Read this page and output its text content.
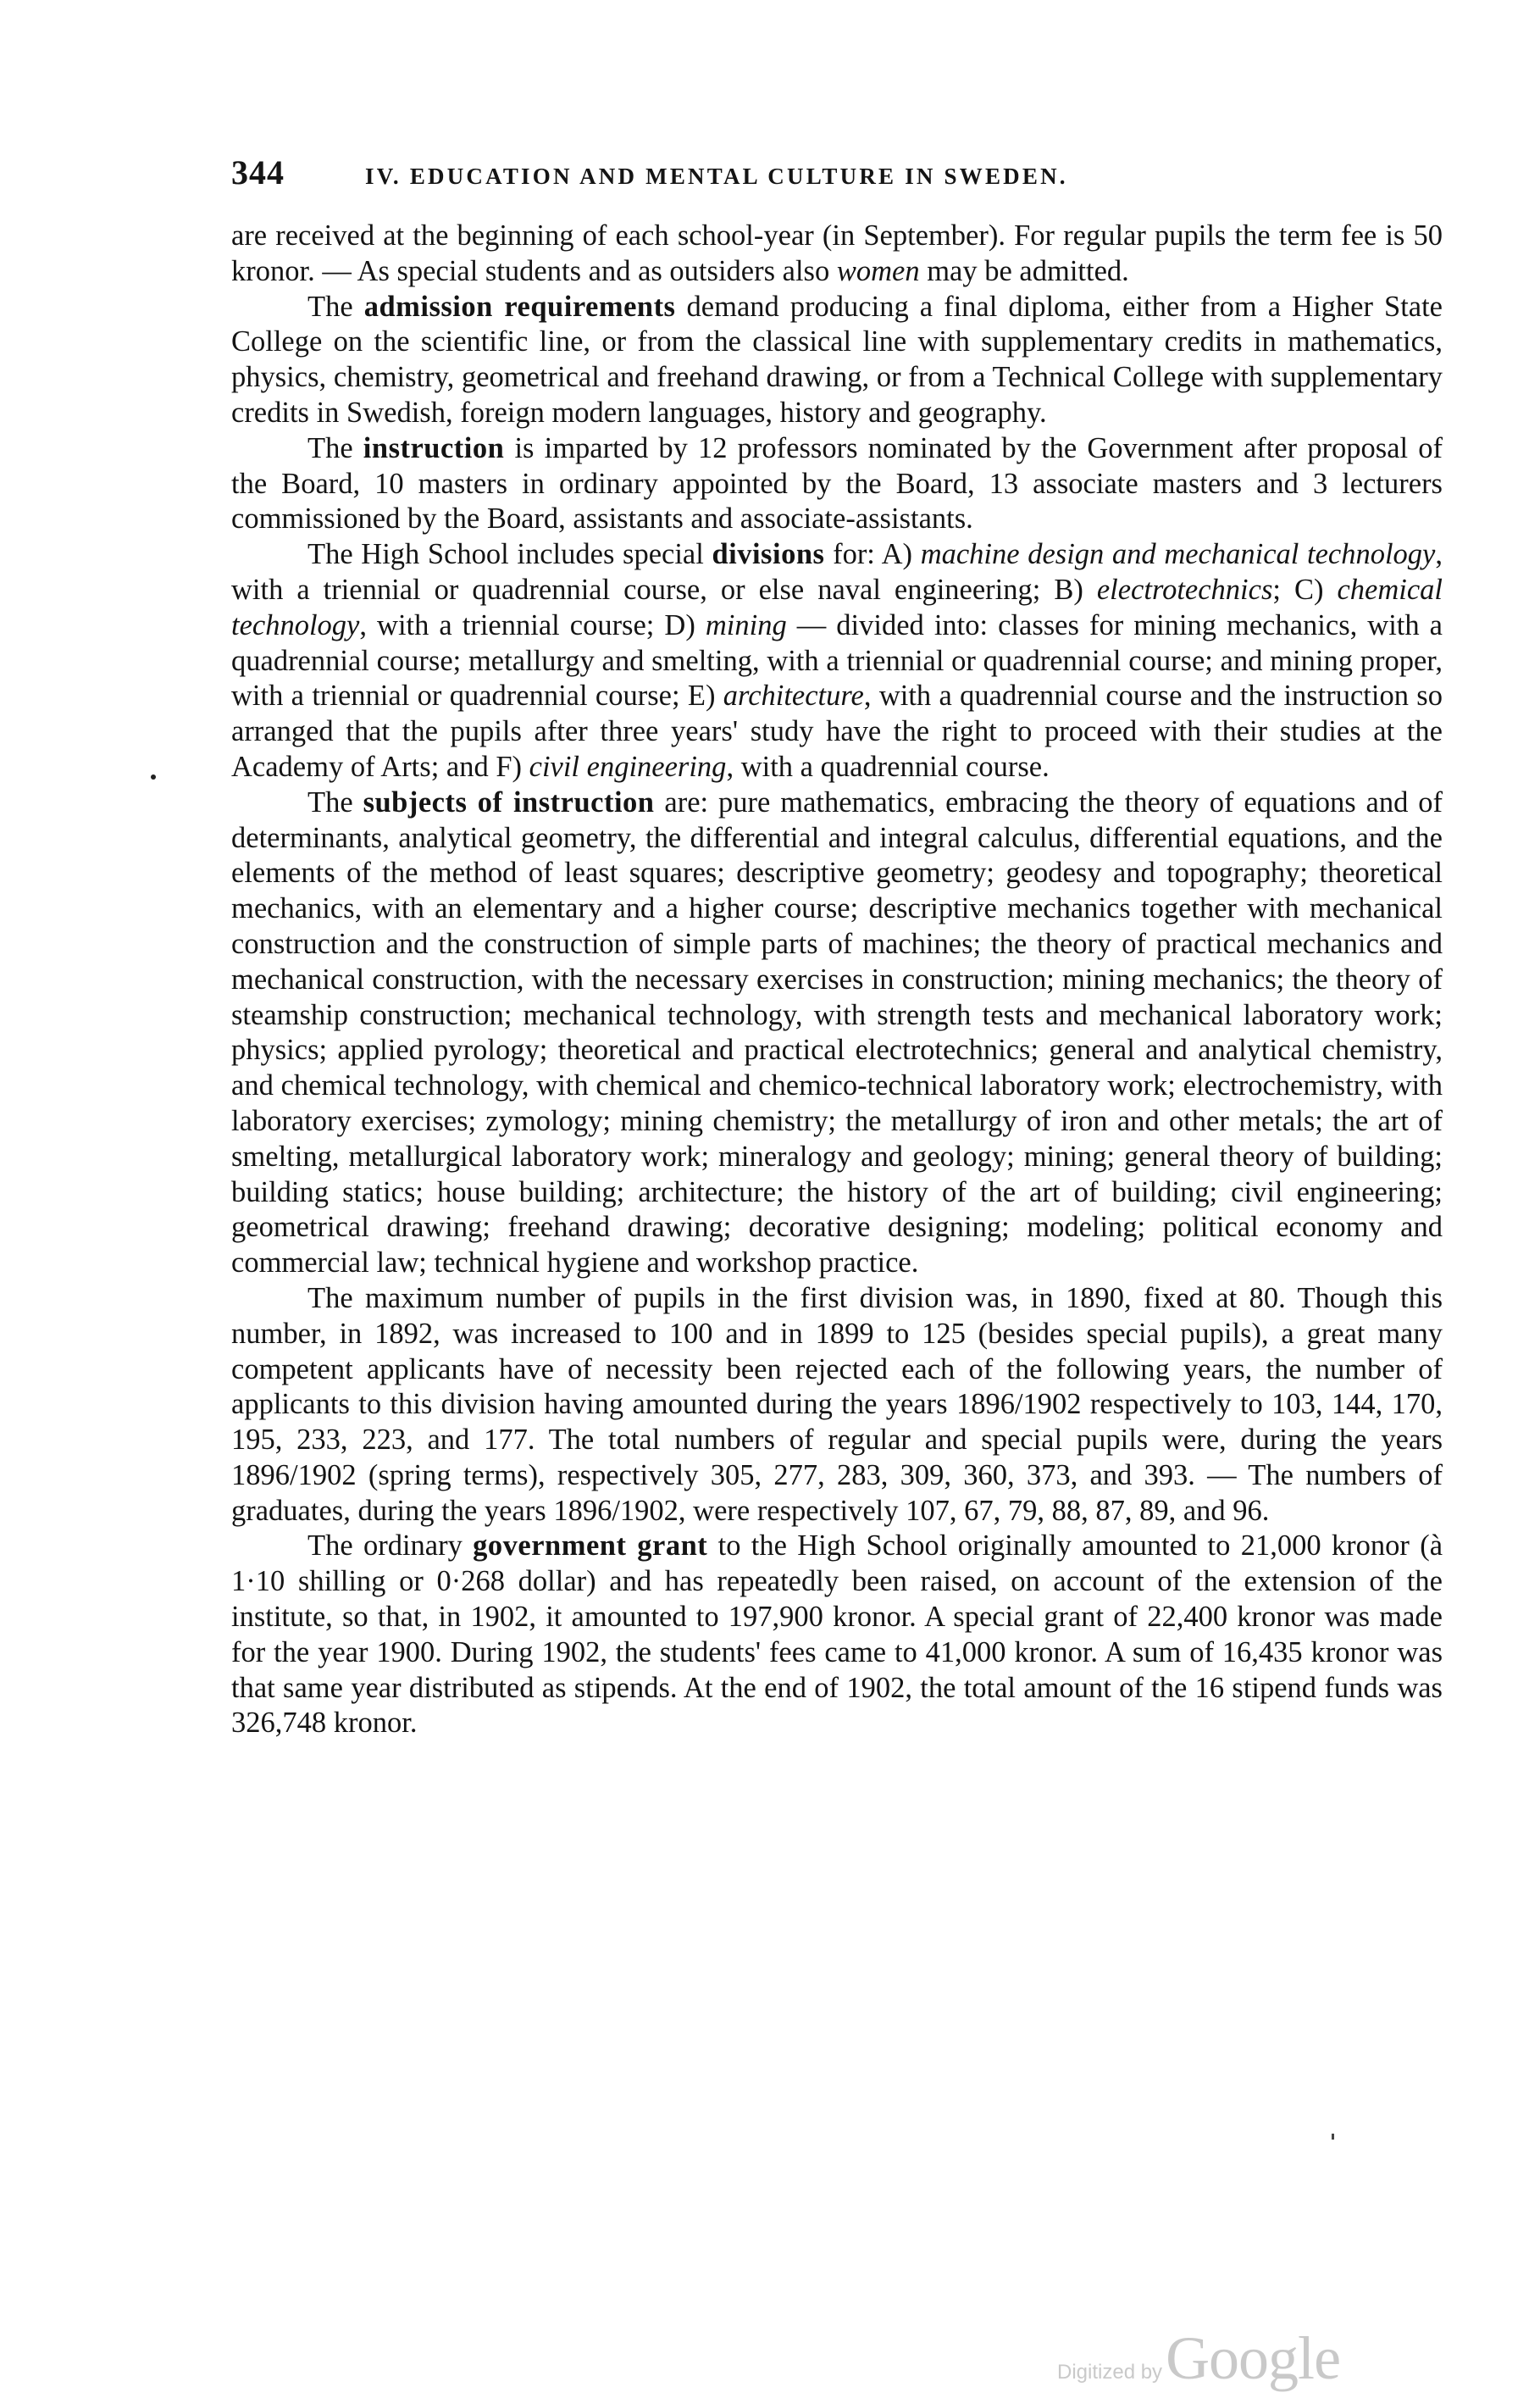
344	IV. EDUCATION AND MENTAL CULTURE IN SWEDEN.

are received at the beginning of each school-year (in September). For regular pupils the term fee is 50 kronor. — As special students and as outsiders also women may be admitted.

The admission requirements demand producing a final diploma, either from a Higher State College on the scientific line, or from the classical line with supplementary credits in mathematics, physics, chemistry, geometrical and freehand drawing, or from a Technical College with supplementary credits in Swedish, foreign modern languages, history and geography.

The instruction is imparted by 12 professors nominated by the Government after proposal of the Board, 10 masters in ordinary appointed by the Board, 13 associate masters and 3 lecturers commissioned by the Board, assistants and associate-assistants.

The High School includes special divisions for: A) machine design and mechanical technology, with a triennial or quadrennial course, or else naval engineering; B) electrotechnics; C) chemical technology, with a triennial course; D) mining — divided into: classes for mining mechanics, with a quadrennial course; metallurgy and smelting, with a triennial or quadrennial course; and mining proper, with a triennial or quadrennial course; E) architecture, with a quadrennial course and the instruction so arranged that the pupils after three years' study have the right to proceed with their studies at the Academy of Arts; and F) civil engineering, with a quadrennial course.

The subjects of instruction are: pure mathematics, embracing the theory of equations and of determinants, analytical geometry, the differential and integral calculus, differential equations, and the elements of the method of least squares; descriptive geometry; geodesy and topography; theoretical mechanics, with an elementary and a higher course; descriptive mechanics together with mechanical construction and the construction of simple parts of machines; the theory of practical mechanics and mechanical construction, with the necessary exercises in construction; mining mechanics; the theory of steamship construction; mechanical technology, with strength tests and mechanical laboratory work; physics; applied pyrology; theoretical and practical electrotechnics; general and analytical chemistry, and chemical technology, with chemical and chemico-technical laboratory work; electrochemistry, with laboratory exercises; zymology; mining chemistry; the metallurgy of iron and other metals; the art of smelting, metallurgical laboratory work; mineralogy and geology; mining; general theory of building; building statics; house building; architecture; the history of the art of building; civil engineering; geometrical drawing; freehand drawing; decorative designing; modeling; political economy and commercial law; technical hygiene and workshop practice.

The maximum number of pupils in the first division was, in 1890, fixed at 80. Though this number, in 1892, was increased to 100 and in 1899 to 125 (besides special pupils), a great many competent applicants have of necessity been rejected each of the following years, the number of applicants to this division having amounted during the years 1896/1902 respectively to 103, 144, 170, 195, 233, 223, and 177. The total numbers of regular and special pupils were, during the years 1896/1902 (spring terms), respectively 305, 277, 283, 309, 360, 373, and 393. — The numbers of graduates, during the years 1896/1902, were respectively 107, 67, 79, 88, 87, 89, and 96.

The ordinary government grant to the High School originally amounted to 21,000 kronor (à 1·10 shilling or 0·268 dollar) and has repeatedly been raised, on account of the extension of the institute, so that, in 1902, it amounted to 197,900 kronor. A special grant of 22,400 kronor was made for the year 1900. During 1902, the students' fees came to 41,000 kronor. A sum of 16,435 kronor was that same year distributed as stipends. At the end of 1902, the total amount of the 16 stipend funds was 326,748 kronor.

Digitized by Google
